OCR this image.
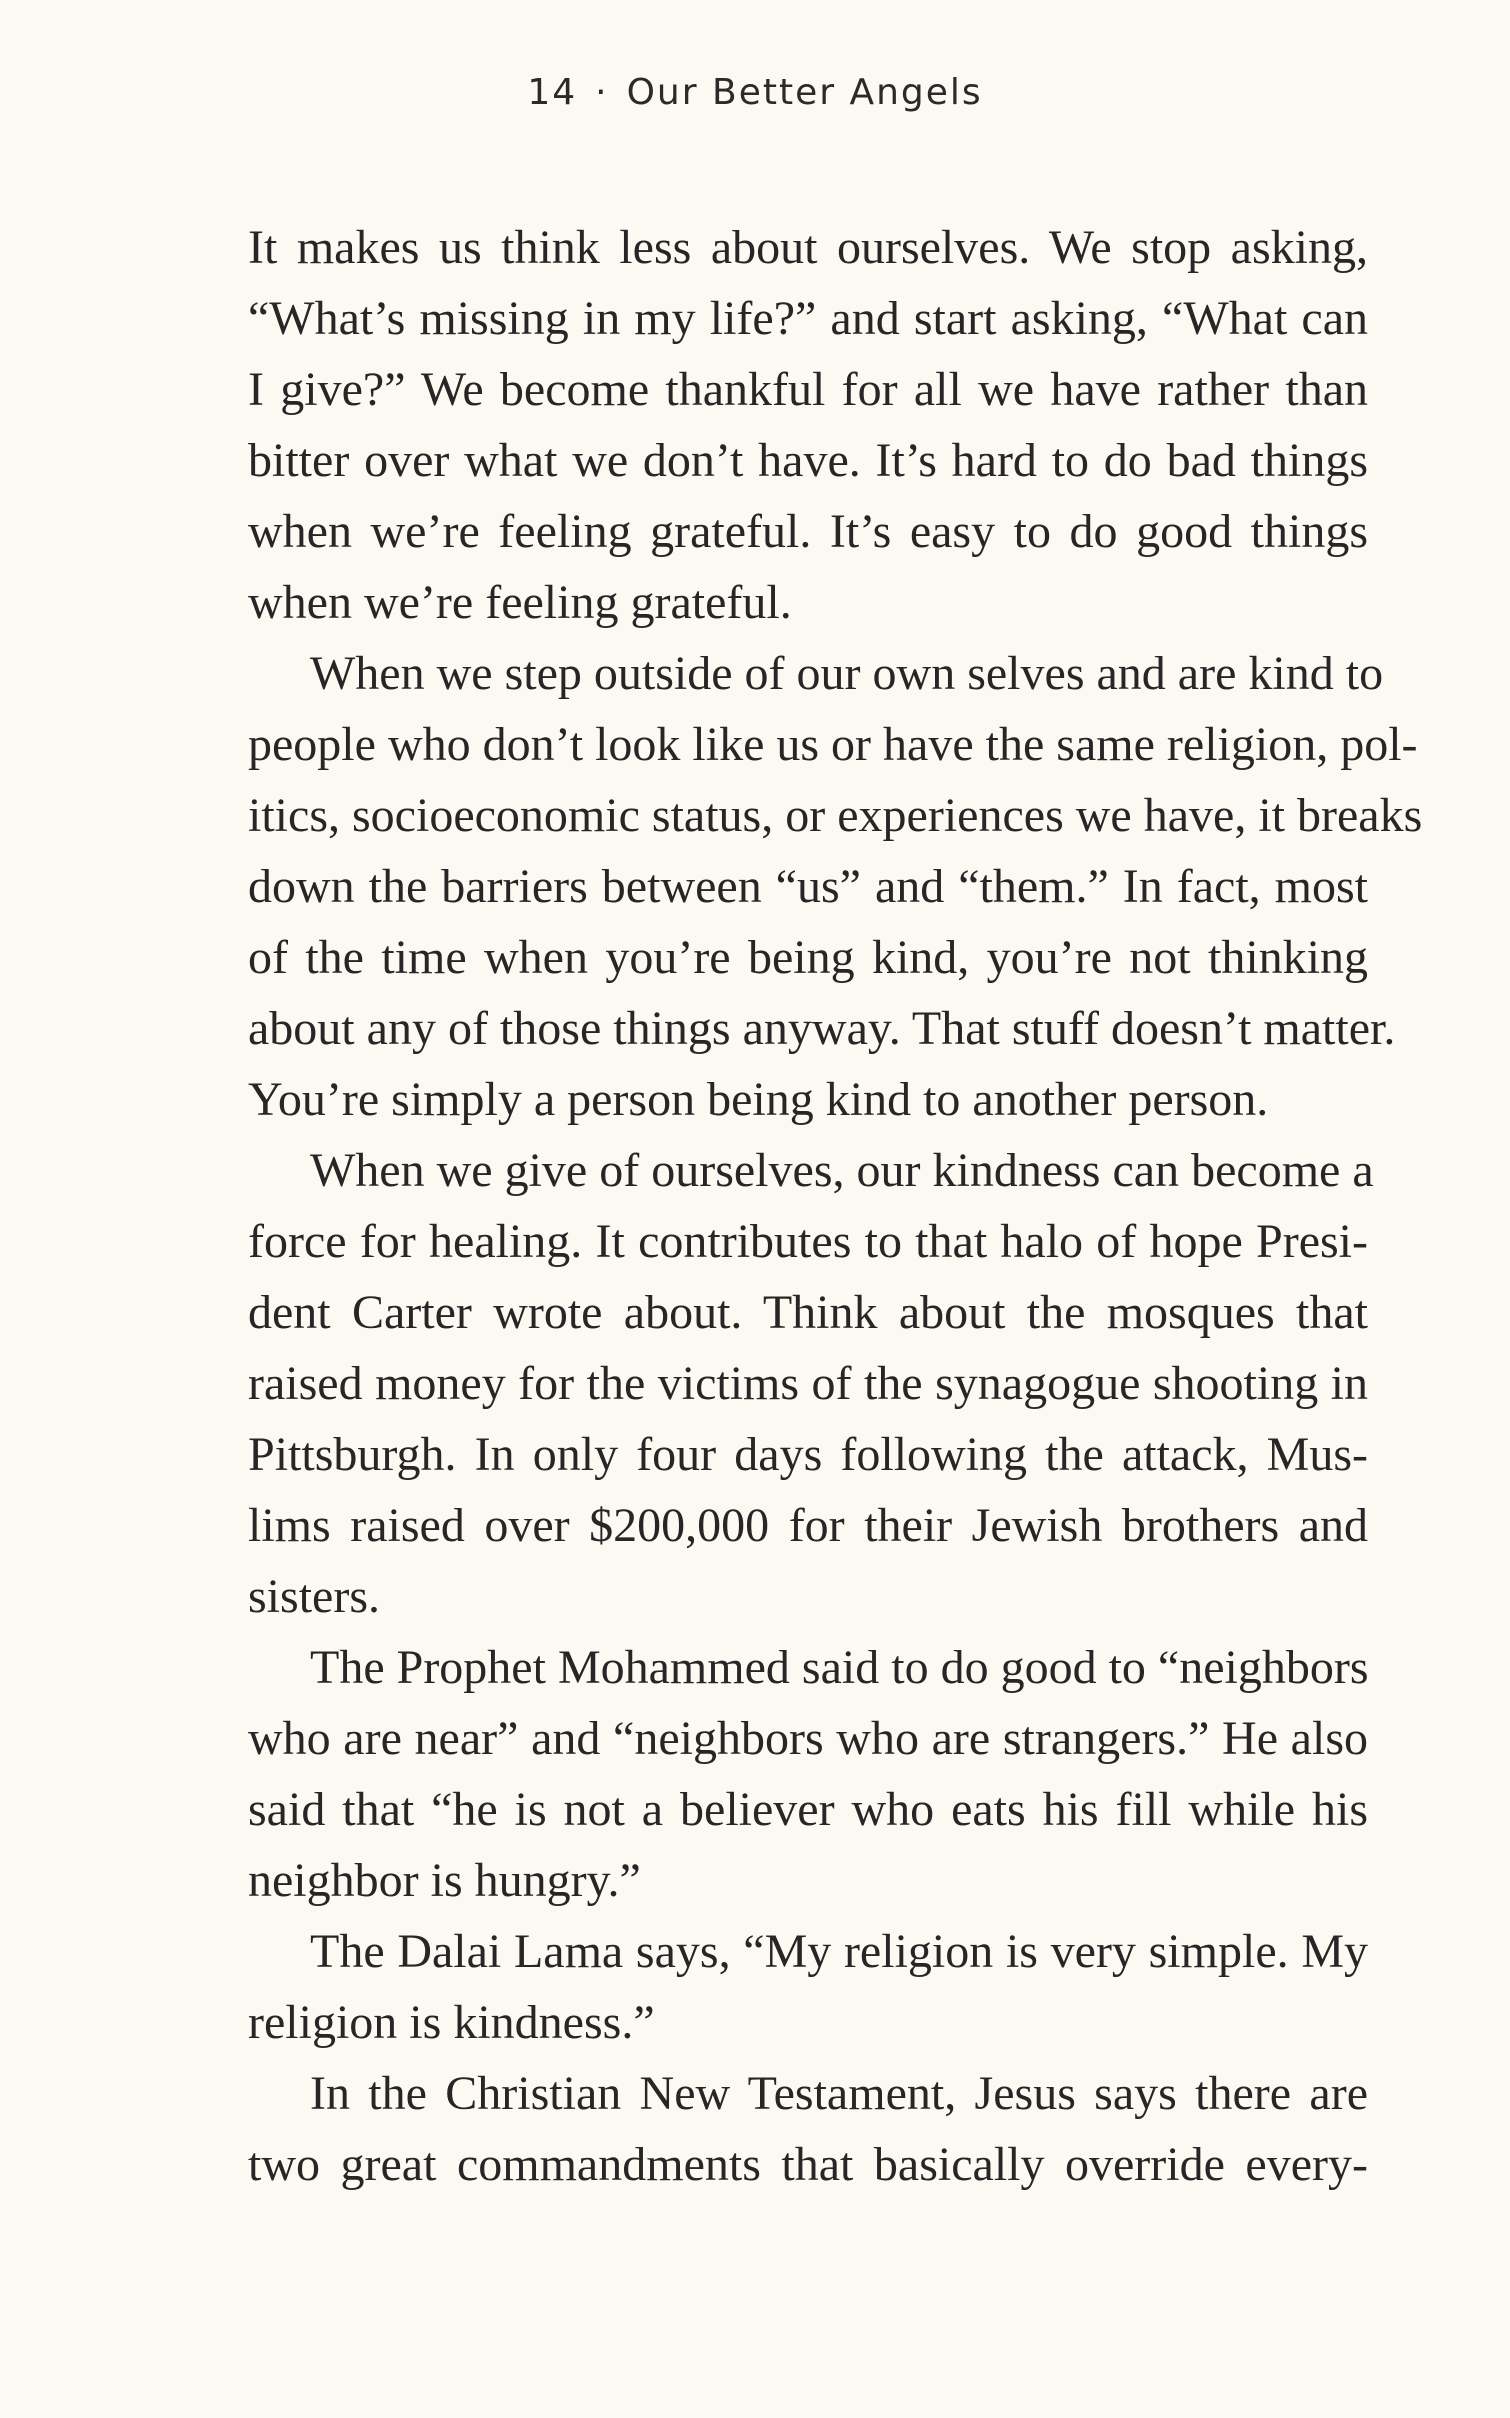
14 · Our Better Angels

It makes us think less about ourselves. We stop asking,
“What’s missing in my life?” and start asking, “What can
I give?” We become thankful for all we have rather than
bitter over what we don’t have. It’s hard to do bad things
when we’re feeling grateful. It’s easy to do good things
when we’re feeling grateful.

When we step outside of our own selves and are kind to
people who don’t look like us or have the same religion, pol-
itics, socioeconomic status, or experiences we have, it breaks
down the barriers between “us” and “them.” In fact, most
of the time when you’re being kind, you’re not thinking
about any of those things anyway. That stuff doesn’t matter.
You’re simply a person being kind to another person.

When we give of ourselves, our kindness can become a
force for healing. It contributes to that halo of hope Presi-
dent Carter wrote about. Think about the mosques that
raised money for the victims of the synagogue shooting in
Pittsburgh. In only four days following the attack, Mus-
lims raised over $200,000 for their Jewish brothers and
sisters.

The Prophet Mohammed said to do good to “neighbors
who are near” and “neighbors who are strangers.” He also
said that “he is not a believer who eats his fill while his
neighbor is hungry.”

The Dalai Lama says, “My religion is very simple. My
religion is kindness.”

In the Christian New Testament, Jesus says there are
two great commandments that basically override every-
